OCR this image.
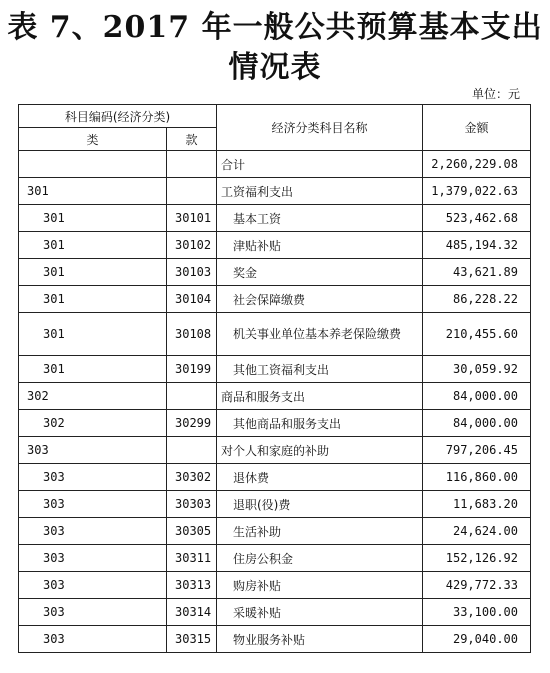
表 7、2017 年一般公共预算基本支出
情况表
单位：元
科目编码(经济分类)		经济分类科目名称	金额
类	款		
		合计	2,260,229.08
301		工资福利支出	1,379,022.63
301	30101	基本工资	523,462.68
301	30102	津贴补贴	485,194.32
301	30103	奖金	43,621.89
301	30104	社会保障缴费	86,228.22
301	30108	机关事业单位基本养老保险缴费	210,455.60
301	30199	其他工资福利支出	30,059.92
302		商品和服务支出	84,000.00
302	30299	其他商品和服务支出	84,000.00
303		对个人和家庭的补助	797,206.45
303	30302	退休费	116,860.00
303	30303	退职(役)费	11,683.20
303	30305	生活补助	24,624.00
303	30311	住房公积金	152,126.92
303	30313	购房补贴	429,772.33
303	30314	采暖补贴	33,100.00
303	30315	物业服务补贴	29,040.00
